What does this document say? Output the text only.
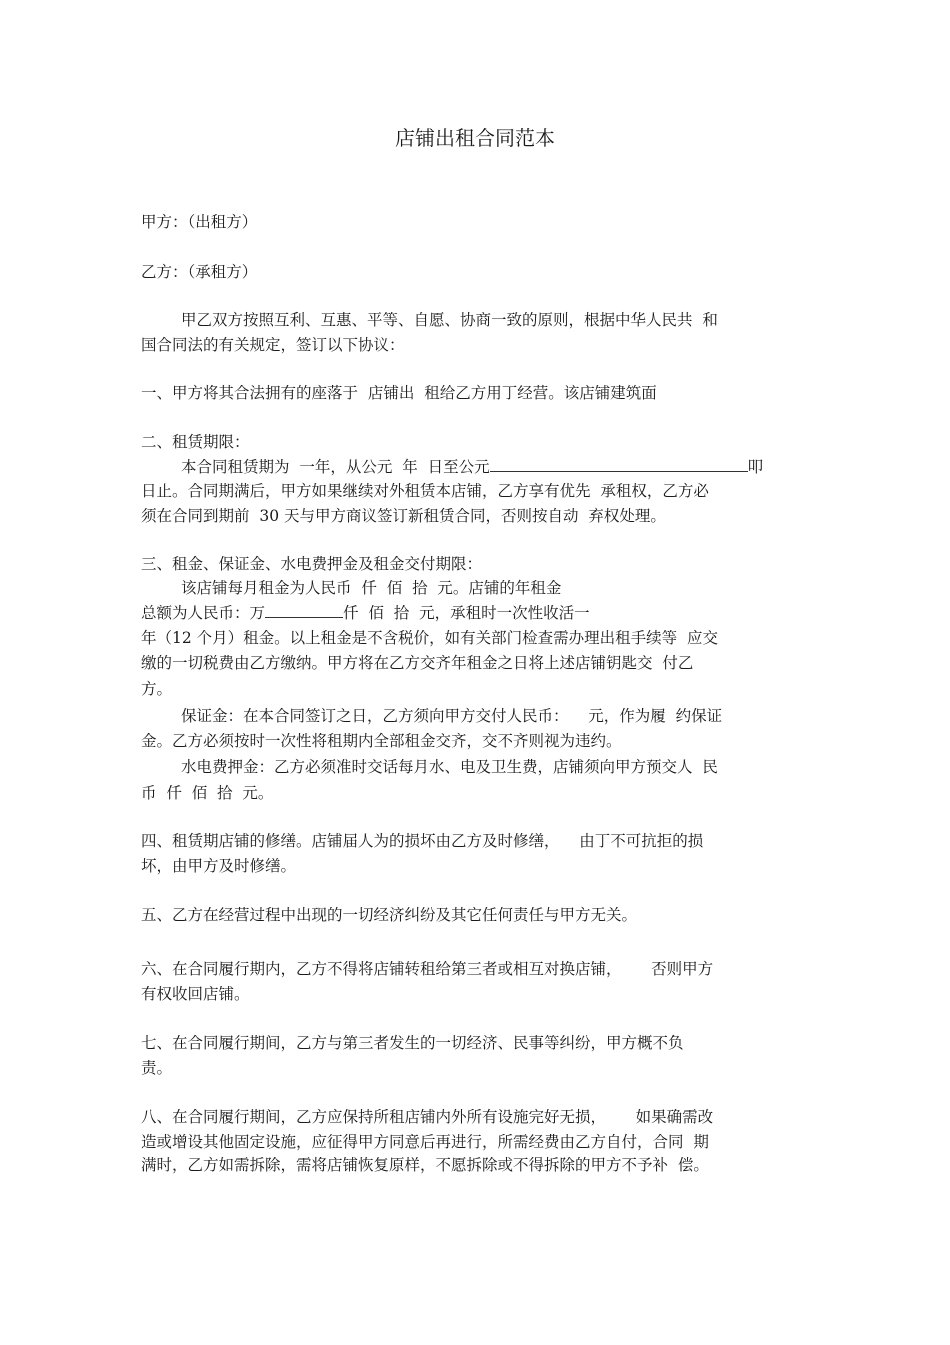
店铺出租合同范本
甲方：（出租方）
乙方：（承租方）
甲乙双方按照互利、互惠、平等、自愿、协商一致的原则，根据中华人民共  和
国合同法的有关规定，签订以下协议：
一、甲方将其合法拥有的座落于  店铺出  租给乙方用丁经营。该店铺建筑面
二、租赁期限：
本合同租赁期为  一年，从公元  年  日至公元	叩
日止。合同期满后，甲方如果继续对外租赁本店铺，乙方享有优先  承租权，乙方必
须在合同到期前  30 天与甲方商议签订新租赁合同，否则按自动  弃权处理。
三、租金、保证金、水电费押金及租金交付期限：
该店铺每月租金为人民币  仟  佰  拾  元。店铺的年租金
总额为人民币：万	仟  佰  拾  元，承租时一次性收活一
年（12 个月）租金。以上租金是不含税价，如有关部门检查需办理出租手续等  应交
缴的一切税费由乙方缴纳。甲方将在乙方交齐年租金之日将上述店铺钥匙交  付乙
方。
保证金：在本合同签订之日，乙方须向甲方交付人民币：    元，作为履  约保证
金。乙方必须按时一次性将租期内全部租金交齐，交不齐则视为违约。
水电费押金：乙方必须准时交话每月水、电及卫生费，店铺须向甲方预交人  民
币  仟  佰  拾  元。
四、租赁期店铺的修缮。店铺届人为的损坏由乙方及时修缮，    由丁不可抗拒的损
坏，由甲方及时修缮。
五、乙方在经营过程中出现的一切经济纠纷及其它任何责任与甲方无关。
六、在合同履行期内，乙方不得将店铺转租给第三者或相互对换店铺，      否则甲方
有权收回店铺。
七、在合同履行期间，乙方与第三者发生的一切经济、民事等纠纷，甲方概不负
责。
八、在合同履行期间，乙方应保持所租店铺内外所有设施完好无损，      如果确需改
造或增设其他固定设施，应征得甲方同意后再进行，所需经费由乙方自付，合同  期
满时，乙方如需拆除，需将店铺恢复原样，不愿拆除或不得拆除的甲方不予补  偿。
